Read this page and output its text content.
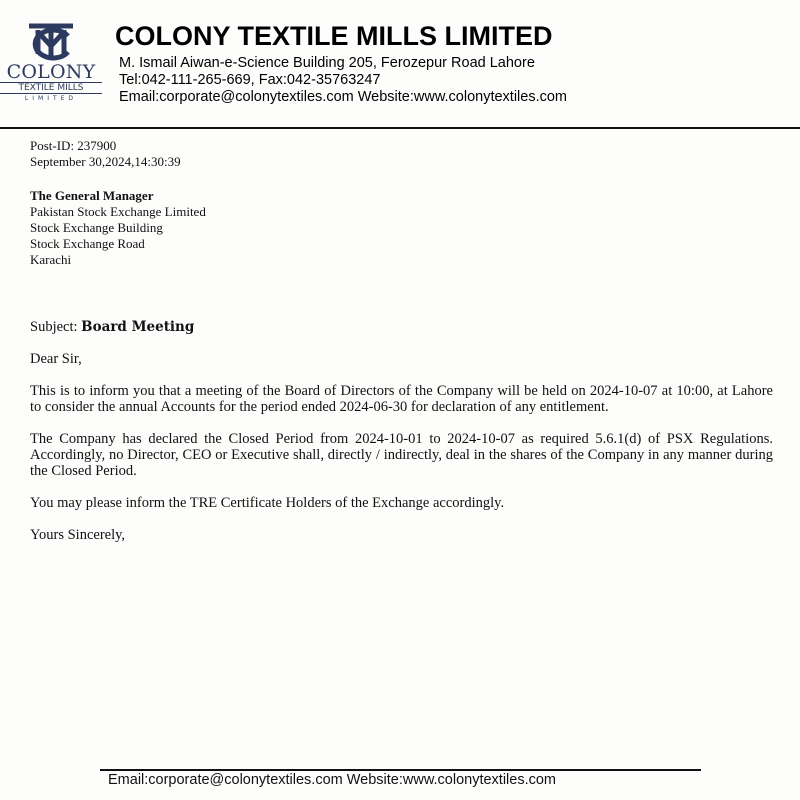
COLONY
TEXTILE MILLS
LIMITED
COLONY TEXTILE MILLS LIMITED
M. Ismail Aiwan-e-Science Building 205, Ferozepur Road Lahore
Tel:042-111-265-669, Fax:042-35763247
Email:corporate@colonytextiles.com Website:www.colonytextiles.com
Post-ID: 237900
September 30,2024,14:30:39
The General Manager
Pakistan Stock Exchange Limited
Stock Exchange Building
Stock Exchange Road
Karachi
Subject: Board Meeting
Dear Sir,
This is to inform you that a meeting of the Board of Directors of the Company will be held on 2024-10-07 at 10:00, at Lahore to consider the annual Accounts for the period ended 2024-06-30 for declaration of any entitlement.
The Company has declared the Closed Period from 2024-10-01 to 2024-10-07 as required 5.6.1(d) of PSX Regulations. Accordingly, no Director, CEO or Executive shall, directly / indirectly, deal in the shares of the Company in any manner during the Closed Period.
You may please inform the TRE Certificate Holders of the Exchange accordingly.
Yours Sincerely,
Email:corporate@colonytextiles.com Website:www.colonytextiles.com
